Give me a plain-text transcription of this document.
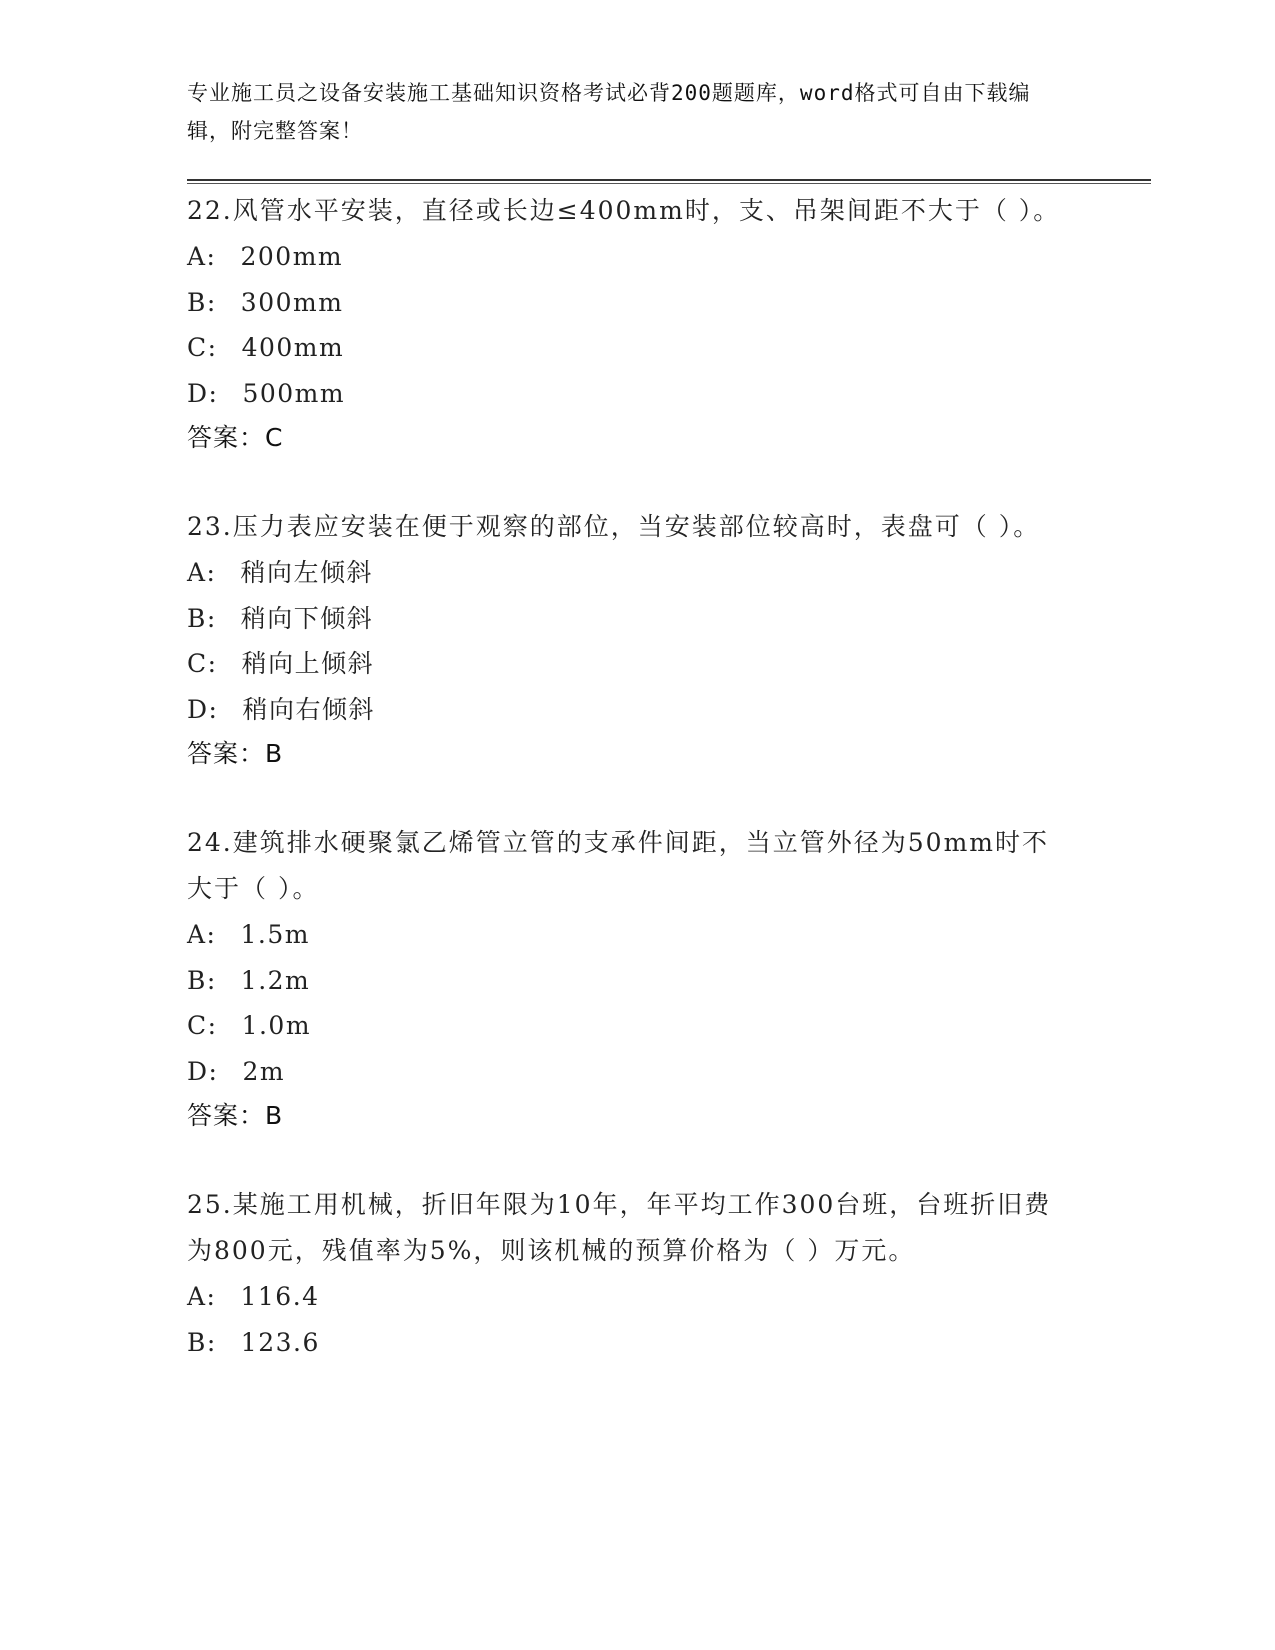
专业施工员之设备安装施工基础知识资格考试必背200题题库，word格式可自由下载编辑，附完整答案！
22.风管水平安装，直径或长边≤400mm时，支、吊架间距不大于（ ）。
A: 200mm
B: 300mm
C: 400mm
D: 500mm
答案：C
23.压力表应安装在便于观察的部位，当安装部位较高时，表盘可（ ）。
A: 稍向左倾斜
B: 稍向下倾斜
C: 稍向上倾斜
D: 稍向右倾斜
答案：B
24.建筑排水硬聚氯乙烯管立管的支承件间距，当立管外径为50mm时不大于（ ）。
A: 1.5m
B: 1.2m
C: 1.0m
D: 2m
答案：B
25.某施工用机械，折旧年限为10年，年平均工作300台班，台班折旧费为800元，残值率为5%，则该机械的预算价格为（ ）万元。
A: 116.4
B: 123.6
